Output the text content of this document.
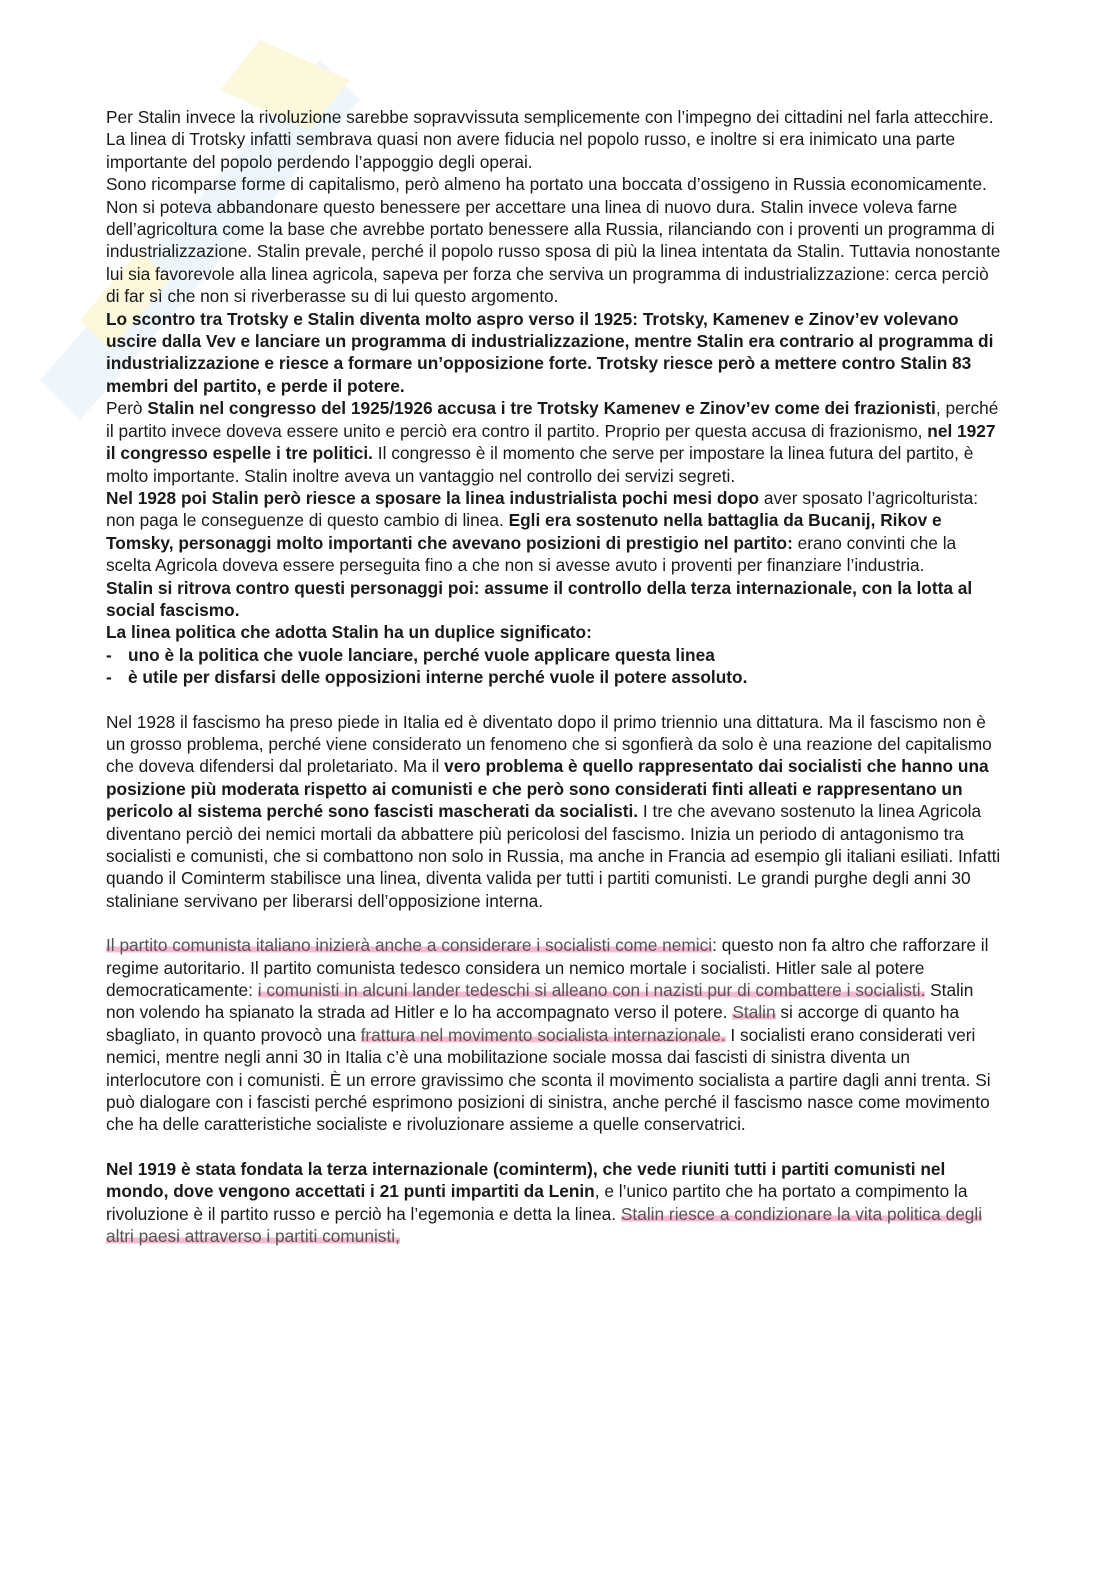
Per Stalin invece la rivoluzione sarebbe sopravvissuta semplicemente con l’impegno dei cittadini nel farla attecchire. La linea di Trotsky infatti sembrava quasi non avere fiducia nel popolo russo, e inoltre si era inimicato una parte importante del popolo perdendo l’appoggio degli operai.

Sono ricomparse forme di capitalismo, però almeno ha portato una boccata d’ossigeno in Russia economicamente. Non si poteva abbandonare questo benessere per accettare una linea di nuovo dura. Stalin invece voleva farne dell’agricoltura come la base che avrebbe portato benessere alla Russia, rilanciando con i proventi un programma di industrializzazione. Stalin prevale, perché il popolo russo sposa di più la linea intentata da Stalin. Tuttavia nonostante lui sia favorevole alla linea agricola, sapeva per forza che serviva un programma di industrializzazione: cerca perciò di far sì che non si riverberasse su di lui questo argomento.

Lo scontro tra Trotsky e Stalin diventa molto aspro verso il 1925: Trotsky, Kamenev e Zinov’ev volevano uscire dalla Vev e lanciare un programma di industrializzazione, mentre Stalin era contrario al programma di industrializzazione e riesce a formare un’opposizione forte. Trotsky riesce però a mettere contro Stalin 83 membri del partito, e perde il potere.

Però Stalin nel congresso del 1925/1926 accusa i tre Trotsky Kamenev e Zinov’ev come dei frazionisti, perché il partito invece doveva essere unito e perciò era contro il partito. Proprio per questa accusa di frazionismo, nel 1927 il congresso espelle i tre politici. Il congresso è il momento che serve per impostare la linea futura del partito, è molto importante. Stalin inoltre aveva un vantaggio nel controllo dei servizi segreti.

Nel 1928 poi Stalin però riesce a sposare la linea industrialista pochi mesi dopo aver sposato l’agricolturista: non paga le conseguenze di questo cambio di linea. Egli era sostenuto nella battaglia da Bucanij, Rikov e Tomsky, personaggi molto importanti che avevano posizioni di prestigio nel partito: erano convinti che la scelta Agricola doveva essere perseguita fino a che non si avesse avuto i proventi per finanziare l’industria.

Stalin si ritrova contro questi personaggi poi: assume il controllo della terza internazionale, con la lotta al social fascismo.

La linea politica che adotta Stalin ha un duplice significato:

- uno è la politica che vuole lanciare, perché vuole applicare questa linea
- è utile per disfarsi delle opposizioni interne perché vuole il potere assoluto.

Nel 1928 il fascismo ha preso piede in Italia ed è diventato dopo il primo triennio una dittatura. Ma il fascismo non è un grosso problema, perché viene considerato un fenomeno che si sgonfierà da solo è una reazione del capitalismo che doveva difendersi dal proletariato. Ma il vero problema è quello rappresentato dai socialisti che hanno una posizione più moderata rispetto ai comunisti e che però sono considerati finti alleati e rappresentano un pericolo al sistema perché sono fascisti mascherati da socialisti. I tre che avevano sostenuto la linea Agricola diventano perciò dei nemici mortali da abbattere più pericolosi del fascismo. Inizia un periodo di antagonismo tra socialisti e comunisti, che si combattono non solo in Russia, ma anche in Francia ad esempio gli italiani esiliati. Infatti quando il Cominterm stabilisce una linea, diventa valida per tutti i partiti comunisti. Le grandi purghe degli anni 30 staliniane servivano per liberarsi dell’opposizione interna.

Il partito comunista italiano inizierà anche a considerare i socialisti come nemici: questo non fa altro che rafforzare il regime autoritario. Il partito comunista tedesco considera un nemico mortale i socialisti. Hitler sale al potere democraticamente: i comunisti in alcuni lander tedeschi si alleano con i nazisti pur di combattere i socialisti. Stalin non volendo ha spianato la strada ad Hitler e lo ha accompagnato verso il potere. Stalin si accorge di quanto ha sbagliato, in quanto provocò una frattura nel movimento socialista internazionale. I socialisti erano considerati veri nemici, mentre negli anni 30 in Italia c’è una mobilitazione sociale mossa dai fascisti di sinistra diventa un interlocutore con i comunisti. È un errore gravissimo che sconta il movimento socialista a partire dagli anni trenta. Si può dialogare con i fascisti perché esprimono posizioni di sinistra, anche perché il fascismo nasce come movimento che ha delle caratteristiche socialiste e rivoluzionare assieme a quelle conservatrici.

Nel 1919 è stata fondata la terza internazionale (cominterm), che vede riuniti tutti i partiti comunisti nel mondo, dove vengono accettati i 21 punti impartiti da Lenin, e l’unico partito che ha portato a compimento la rivoluzione è il partito russo e perciò ha l’egemonia e detta la linea. Stalin riesce a condizionare la vita politica degli altri paesi attraverso i partiti comunisti,
